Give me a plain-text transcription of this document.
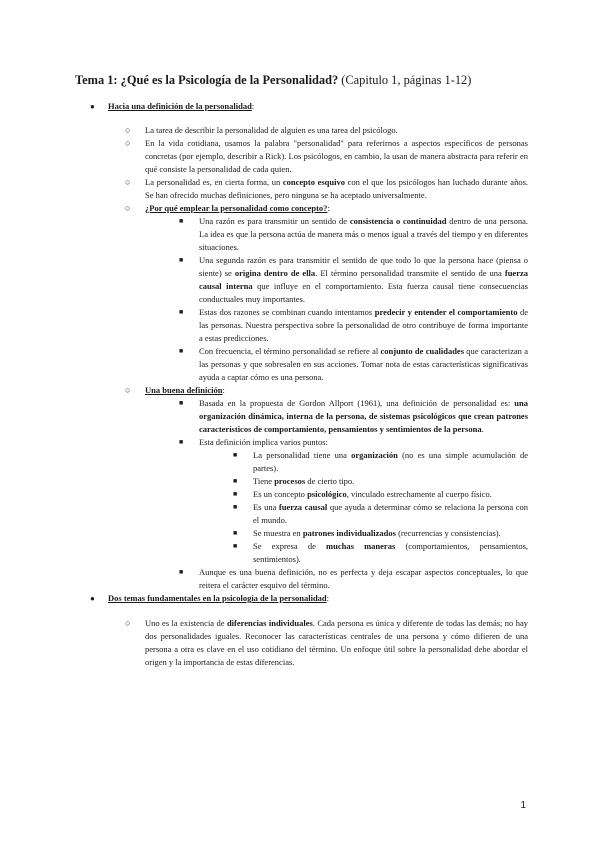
Tema 1: ¿Qué es la Psicología de la Personalidad? (Capitulo 1, páginas 1-12)
● Hacia una definición de la personalidad:
○ La tarea de describir la personalidad de alguien es una tarea del psicólogo.
○ En la vida cotidiana, usamos la palabra "personalidad" para referirnos a aspectos específicos de personas concretas (por ejemplo, describir a Rick). Los psicólogos, en cambio, la usan de manera abstracta para referir en qué consiste la personalidad de cada quien.
○ La personalidad es, en cierta forma, un concepto esquivo con el que los psicólogos han luchado durante años. Se han ofrecido muchas definiciones, pero ninguna se ha aceptado universalmente.
○ ¿Por qué emplear la personalidad como concepto?:
■ Una razón es para transmitir un sentido de consistencia o continuidad dentro de una persona. La idea es que la persona actúa de manera más o menos igual a través del tiempo y en diferentes situaciones.
■ Una segunda razón es para transmitir el sentido de que todo lo que la persona hace (piensa o siente) se origina dentro de ella. El término personalidad transmite el sentido de una fuerza causal interna que influye en el comportamiento. Esta fuerza causal tiene consecuencias conductuales muy importantes.
■ Estas dos razones se combinan cuando intentamos predecir y entender el comportamiento de las personas. Nuestra perspectiva sobre la personalidad de otro contribuye de forma importante a estas predicciones.
■ Con frecuencia, el término personalidad se refiere al conjunto de cualidades que caracterizan a las personas y que sobresalen en sus acciones. Tomar nota de estas características significativas ayuda a captar cómo es una persona.
○ Una buena definición:
■ Basada en la propuesta de Gordon Allport (1961), una definición de personalidad es: una organización dinámica, interna de la persona, de sistemas psicológicos que crean patrones característicos de comportamiento, pensamientos y sentimientos de la persona.
■ Esta definición implica varios puntos:
■ La personalidad tiene una organización (no es una simple acumulación de partes).
■ Tiene procesos de cierto tipo.
■ Es un concepto psicológico, vinculado estrechamente al cuerpo físico.
■ Es una fuerza causal que ayuda a determinar cómo se relaciona la persona con el mundo.
■ Se muestra en patrones individualizados (recurrencias y consistencias).
■ Se expresa de muchas maneras (comportamientos, pensamientos, sentimientos).
■ Aunque es una buena definición, no es perfecta y deja escapar aspectos conceptuales, lo que reitera el carácter esquivo del término.
● Dos temas fundamentales en la psicología de la personalidad:
○ Uno es la existencia de diferencias individuales. Cada persona es única y diferente de todas las demás; no hay dos personalidades iguales. Reconocer las características centrales de una persona y cómo difieren de una persona a otra es clave en el uso cotidiano del término. Un enfoque útil sobre la personalidad debe abordar el origen y la importancia de estas diferencias.
1
